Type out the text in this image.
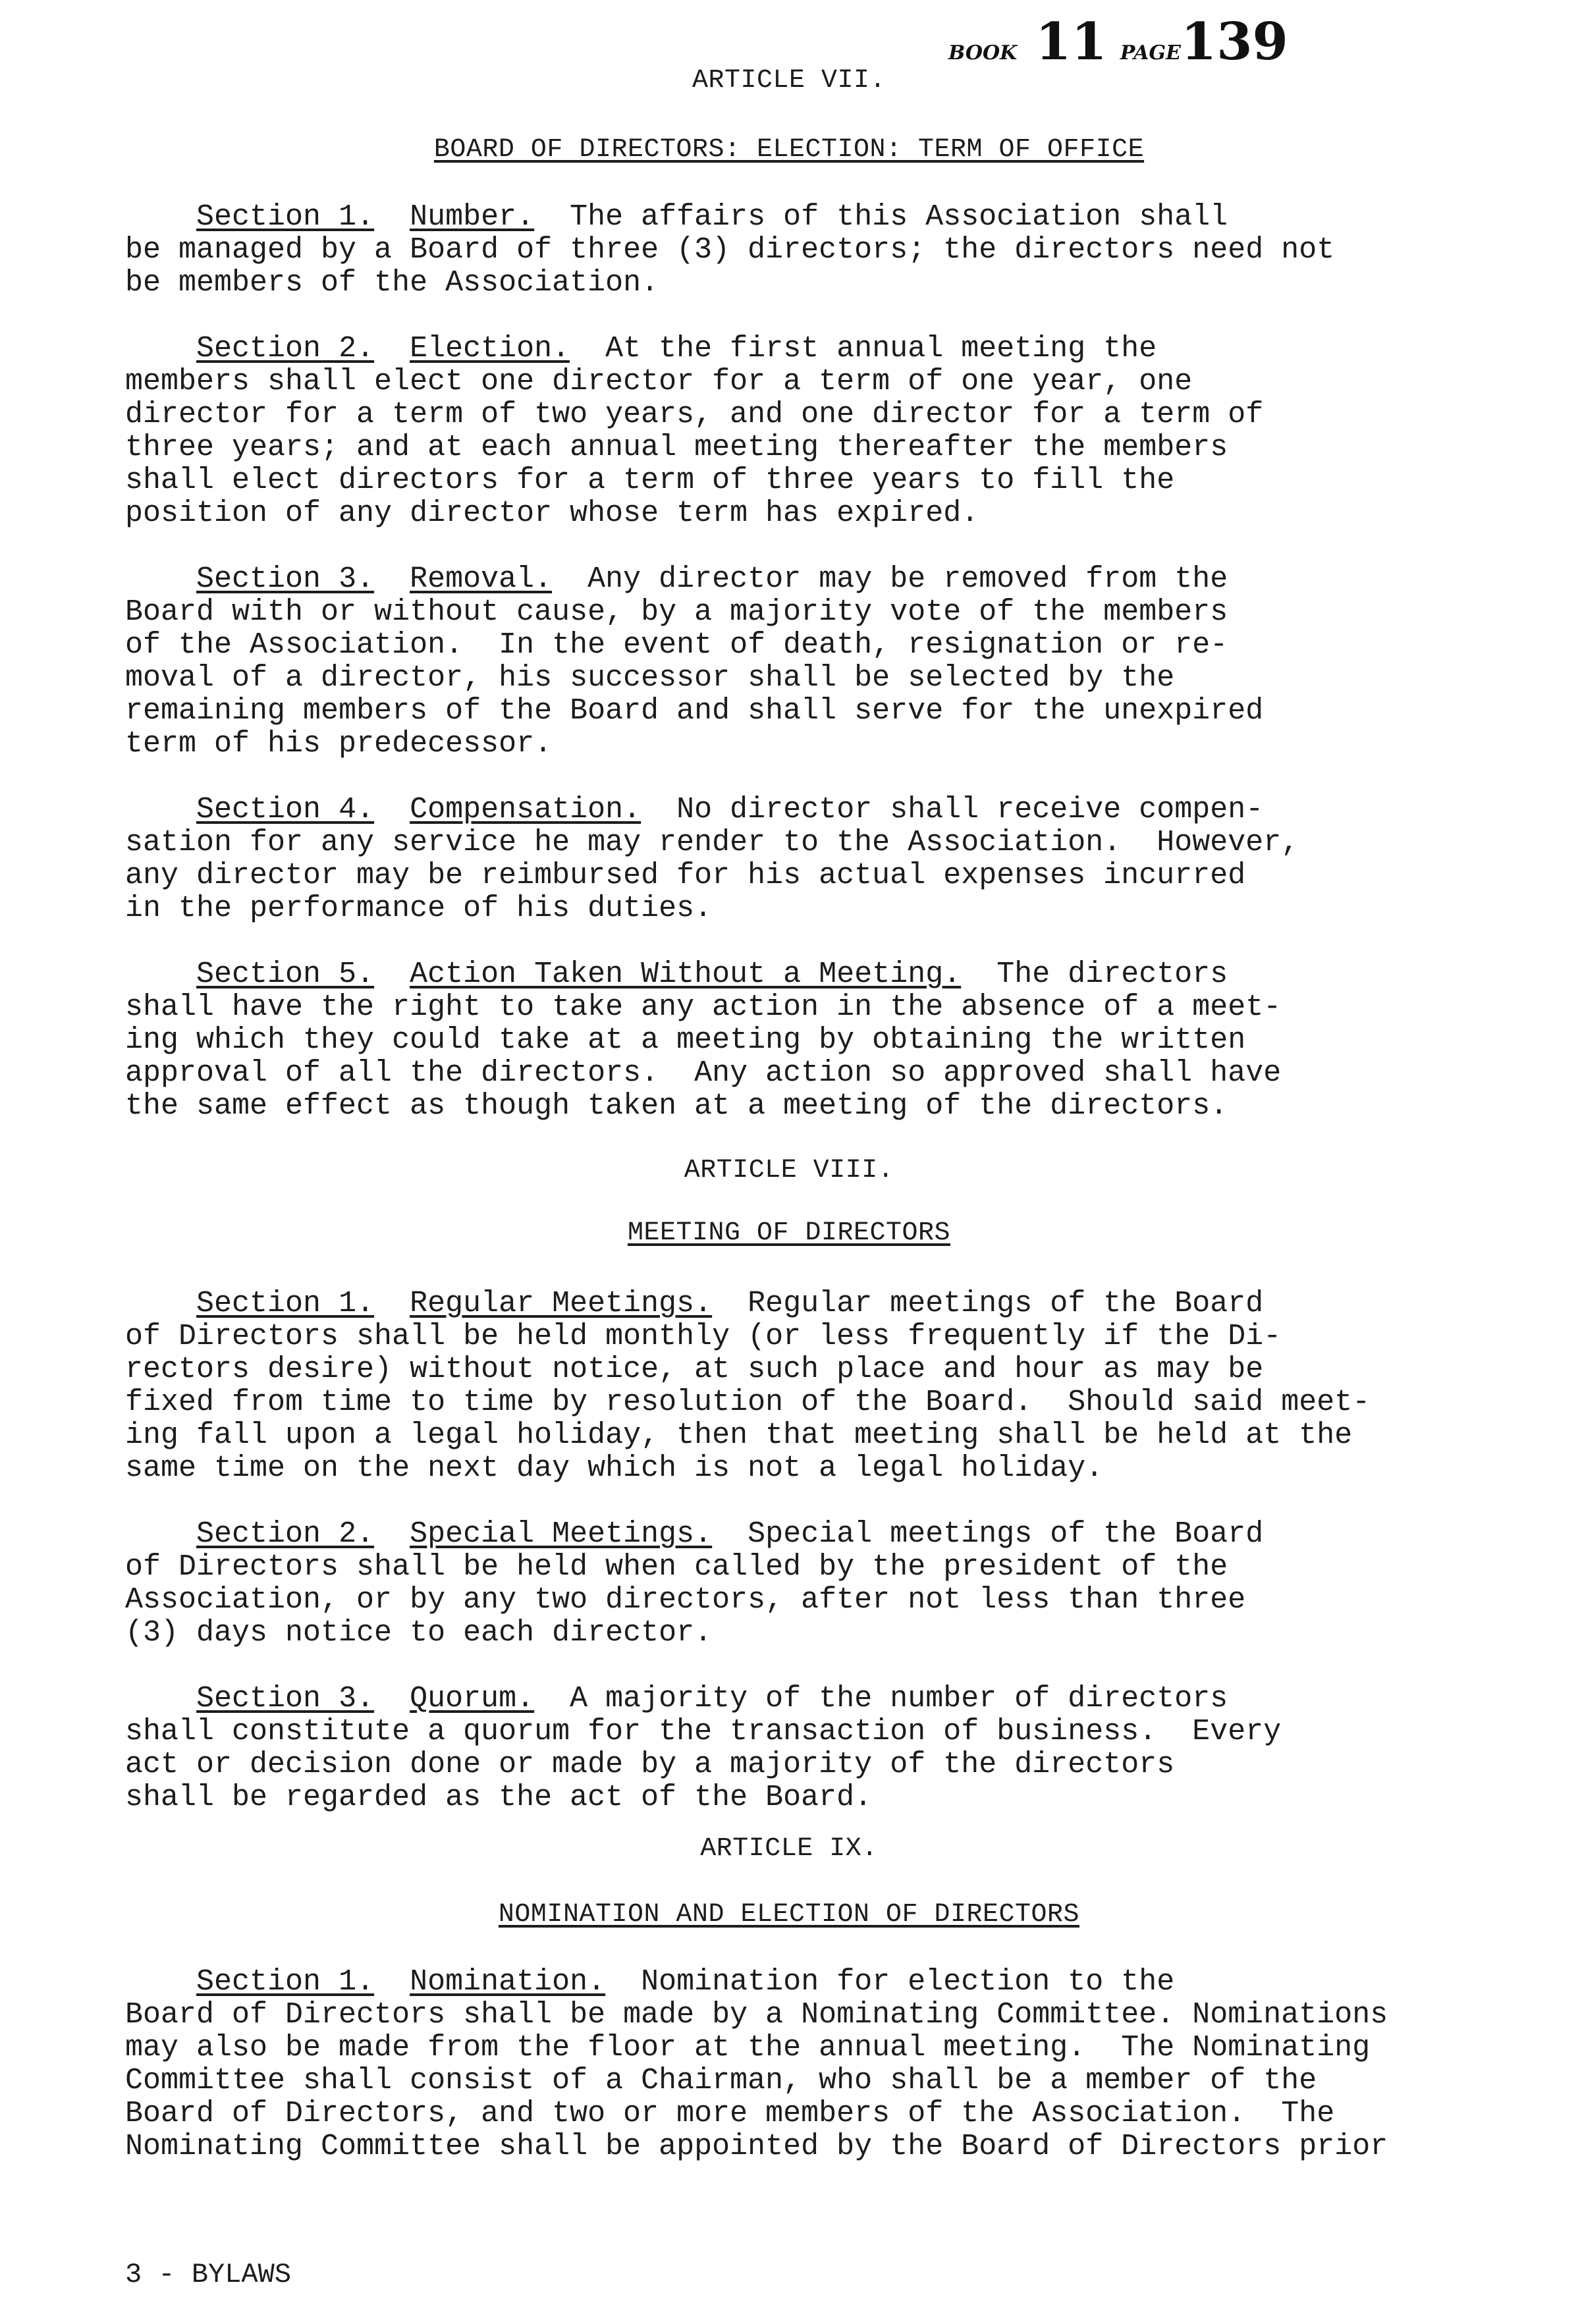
BOOK 11 PAGE139
ARTICLE VII.
BOARD OF DIRECTORS: ELECTION: TERM OF OFFICE
Section 1. Number.  The affairs of this Association shall
be managed by a Board of three (3) directors; the directors need not
be members of the Association.
Section 2. Election.  At the first annual meeting the
members shall elect one director for a term of one year, one
director for a term of two years, and one director for a term of
three years; and at each annual meeting thereafter the members
shall elect directors for a term of three years to fill the
position of any director whose term has expired.
Section 3. Removal.  Any director may be removed from the
Board with or without cause, by a majority vote of the members
of the Association.  In the event of death, resignation or re-
moval of a director, his successor shall be selected by the
remaining members of the Board and shall serve for the unexpired
term of his predecessor.
Section 4. Compensation.  No director shall receive compen-
sation for any service he may render to the Association.  However,
any director may be reimbursed for his actual expenses incurred
in the performance of his duties.
Section 5. Action Taken Without a Meeting.  The directors
shall have the right to take any action in the absence of a meet-
ing which they could take at a meeting by obtaining the written
approval of all the directors.  Any action so approved shall have
the same effect as though taken at a meeting of the directors.
ARTICLE VIII.
MEETING OF DIRECTORS
Section 1. Regular Meetings.  Regular meetings of the Board
of Directors shall be held monthly (or less frequently if the Di-
rectors desire) without notice, at such place and hour as may be
fixed from time to time by resolution of the Board.  Should said meet-
ing fall upon a legal holiday, then that meeting shall be held at the
same time on the next day which is not a legal holiday.
Section 2. Special Meetings.  Special meetings of the Board
of Directors shall be held when called by the president of the
Association, or by any two directors, after not less than three
(3) days notice to each director.
Section 3. Quorum.  A majority of the number of directors
shall constitute a quorum for the transaction of business.  Every
act or decision done or made by a majority of the directors
shall be regarded as the act of the Board.
ARTICLE IX.
NOMINATION AND ELECTION OF DIRECTORS
Section 1. Nomination.  Nomination for election to the
Board of Directors shall be made by a Nominating Committee. Nominations
may also be made from the floor at the annual meeting.  The Nominating
Committee shall consist of a Chairman, who shall be a member of the
Board of Directors, and two or more members of the Association.  The
Nominating Committee shall be appointed by the Board of Directors prior
3 - BYLAWS
